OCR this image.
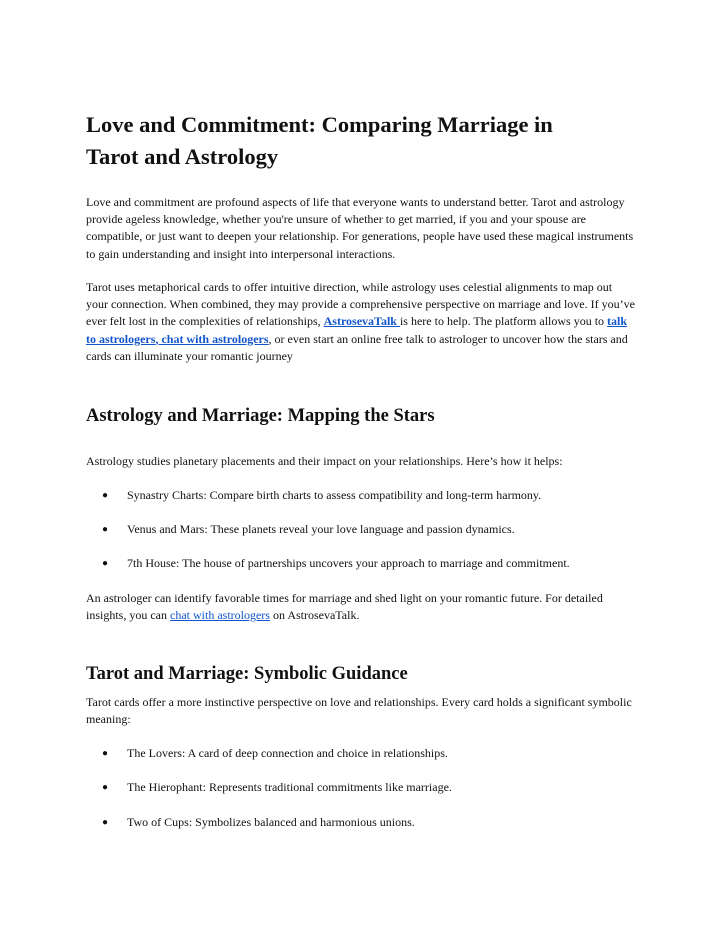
Love and Commitment: Comparing Marriage in Tarot and Astrology

Love and commitment are profound aspects of life that everyone wants to understand better. Tarot and astrology provide ageless knowledge, whether you're unsure of whether to get married, if you and your spouse are compatible, or just want to deepen your relationship. For generations, people have used these magical instruments to gain understanding and insight into interpersonal interactions.

Tarot uses metaphorical cards to offer intuitive direction, while astrology uses celestial alignments to map out your connection. When combined, they may provide a comprehensive perspective on marriage and love. If you’ve ever felt lost in the complexities of relationships, AstrosevaTalk is here to help. The platform allows you to talk to astrologers, chat with astrologers, or even start an online free talk to astrologer to uncover how the stars and cards can illuminate your romantic journey

Astrology and Marriage: Mapping the Stars

Astrology studies planetary placements and their impact on your relationships. Here’s how it helps:

● Synastry Charts: Compare birth charts to assess compatibility and long-term harmony.
● Venus and Mars: These planets reveal your love language and passion dynamics.
● 7th House: The house of partnerships uncovers your approach to marriage and commitment.

An astrologer can identify favorable times for marriage and shed light on your romantic future. For detailed insights, you can chat with astrologers on AstrosevaTalk.

Tarot and Marriage: Symbolic Guidance

Tarot cards offer a more instinctive perspective on love and relationships. Every card holds a significant symbolic meaning:

● The Lovers: A card of deep connection and choice in relationships.
● The Hierophant: Represents traditional commitments like marriage.
● Two of Cups: Symbolizes balanced and harmonious unions.
